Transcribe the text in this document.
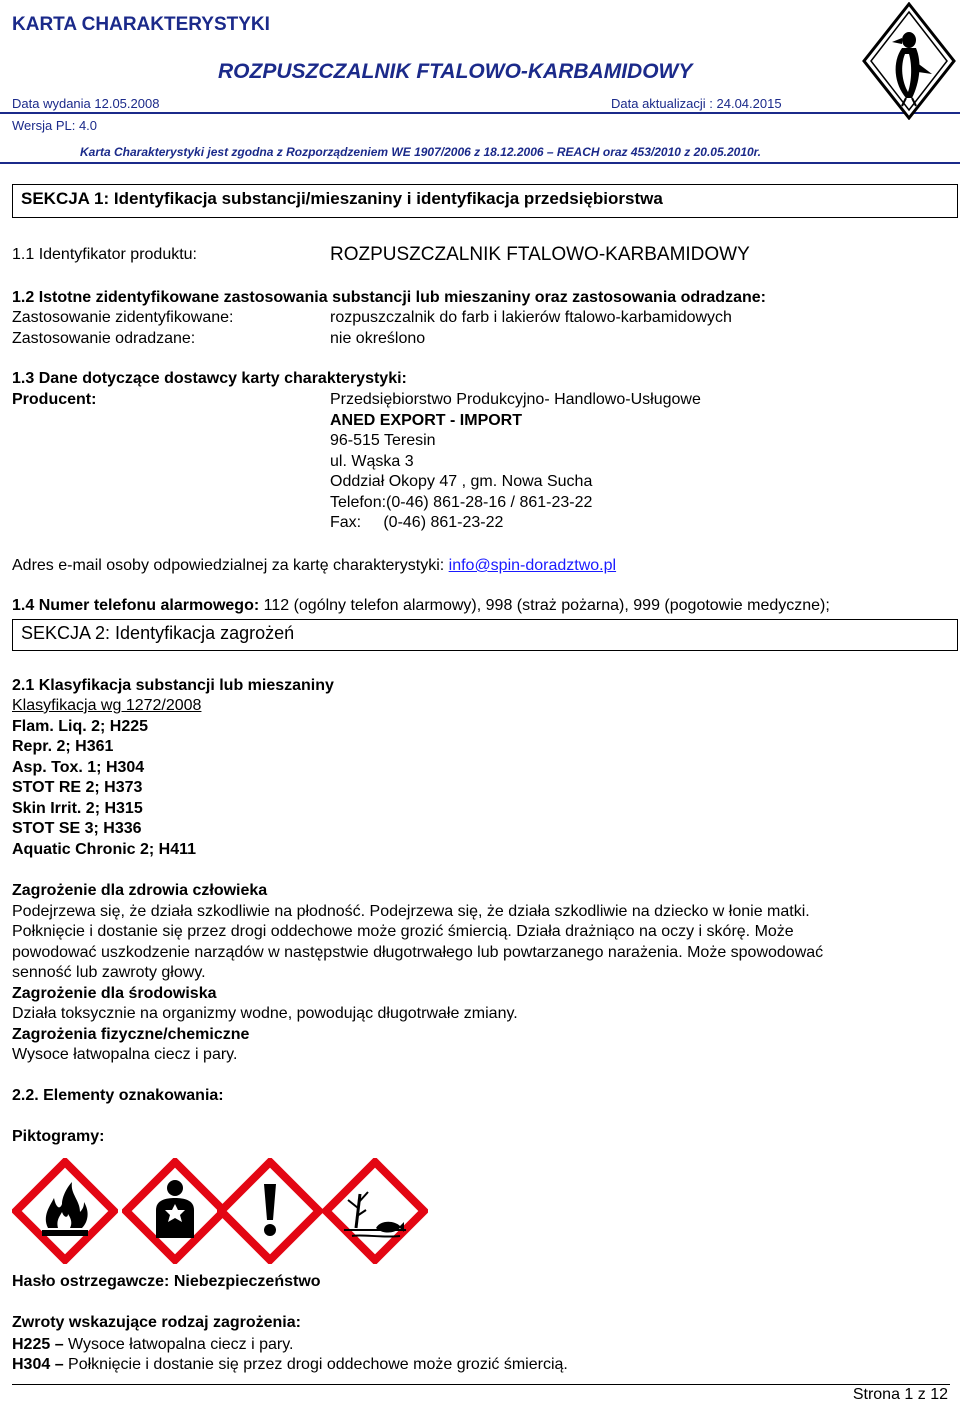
KARTA CHARAKTERYSTYKI
ROZPUSZCZALNIK FTALOWO-KARBAMIDOWY
Data wydania 12.05.2008	Data aktualizacji : 24.04.2015
Wersja PL: 4.0
Karta Charakterystyki jest zgodna z Rozporządzeniem WE 1907/2006 z 18.12.2006 – REACH oraz 453/2010 z 20.05.2010r.
SEKCJA 1: Identyfikacja substancji/mieszaniny i identyfikacja przedsiębiorstwa
1.1 Identyfikator produktu:	ROZPUSZCZALNIK FTALOWO-KARBAMIDOWY
1.2 Istotne zidentyfikowane zastosowania substancji lub mieszaniny oraz zastosowania odradzane:
Zastosowanie zidentyfikowane:	rozpuszczalnik do farb i lakierów ftalowo-karbamidowych
Zastosowanie odradzane:	nie określono
1.3 Dane dotyczące dostawcy karty charakterystyki:
Producent:	Przedsiębiorstwo Produkcyjno- Handlowo-Usługowe
ANED EXPORT - IMPORT
96-515 Teresin
ul. Wąska 3
Oddział Okopy 47 , gm. Nowa Sucha
Telefon:(0-46) 861-28-16 / 861-23-22
Fax:     (0-46) 861-23-22
Adres e-mail osoby odpowiedzialnej za kartę charakterystyki: info@spin-doradztwo.pl
1.4 Numer telefonu alarmowego: 112 (ogólny telefon alarmowy), 998 (straż pożarna), 999 (pogotowie medyczne);
SEKCJA 2: Identyfikacja zagrożeń
2.1 Klasyfikacja substancji lub mieszaniny
Klasyfikacja wg 1272/2008
Flam. Liq. 2; H225
Repr. 2; H361
Asp. Tox. 1; H304
STOT RE 2; H373
Skin Irrit. 2; H315
STOT SE 3; H336
Aquatic Chronic 2; H411
Zagrożenie dla zdrowia człowieka
Podejrzewa się, że działa szkodliwie na płodność. Podejrzewa się, że działa szkodliwie na dziecko w łonie matki.
Połknięcie i dostanie się przez drogi oddechowe może grozić śmiercią. Działa drażniąco na oczy i skórę. Może
powodować uszkodzenie narządów w następstwie długotrwałego lub powtarzanego narażenia. Może spowodować
senność lub zawroty głowy.
Zagrożenie dla środowiska
Działa toksycznie na organizmy wodne, powodując długotrwałe zmiany.
Zagrożenia fizyczne/chemiczne
Wysoce łatwopalna ciecz i pary.
2.2. Elementy oznakowania:
Piktogramy:
Hasło ostrzegawcze: Niebezpieczeństwo
Zwroty wskazujące rodzaj zagrożenia:
H225 – Wysoce łatwopalna ciecz i pary.
H304 – Połknięcie i dostanie się przez drogi oddechowe może grozić śmiercią.
Strona 1 z 12
